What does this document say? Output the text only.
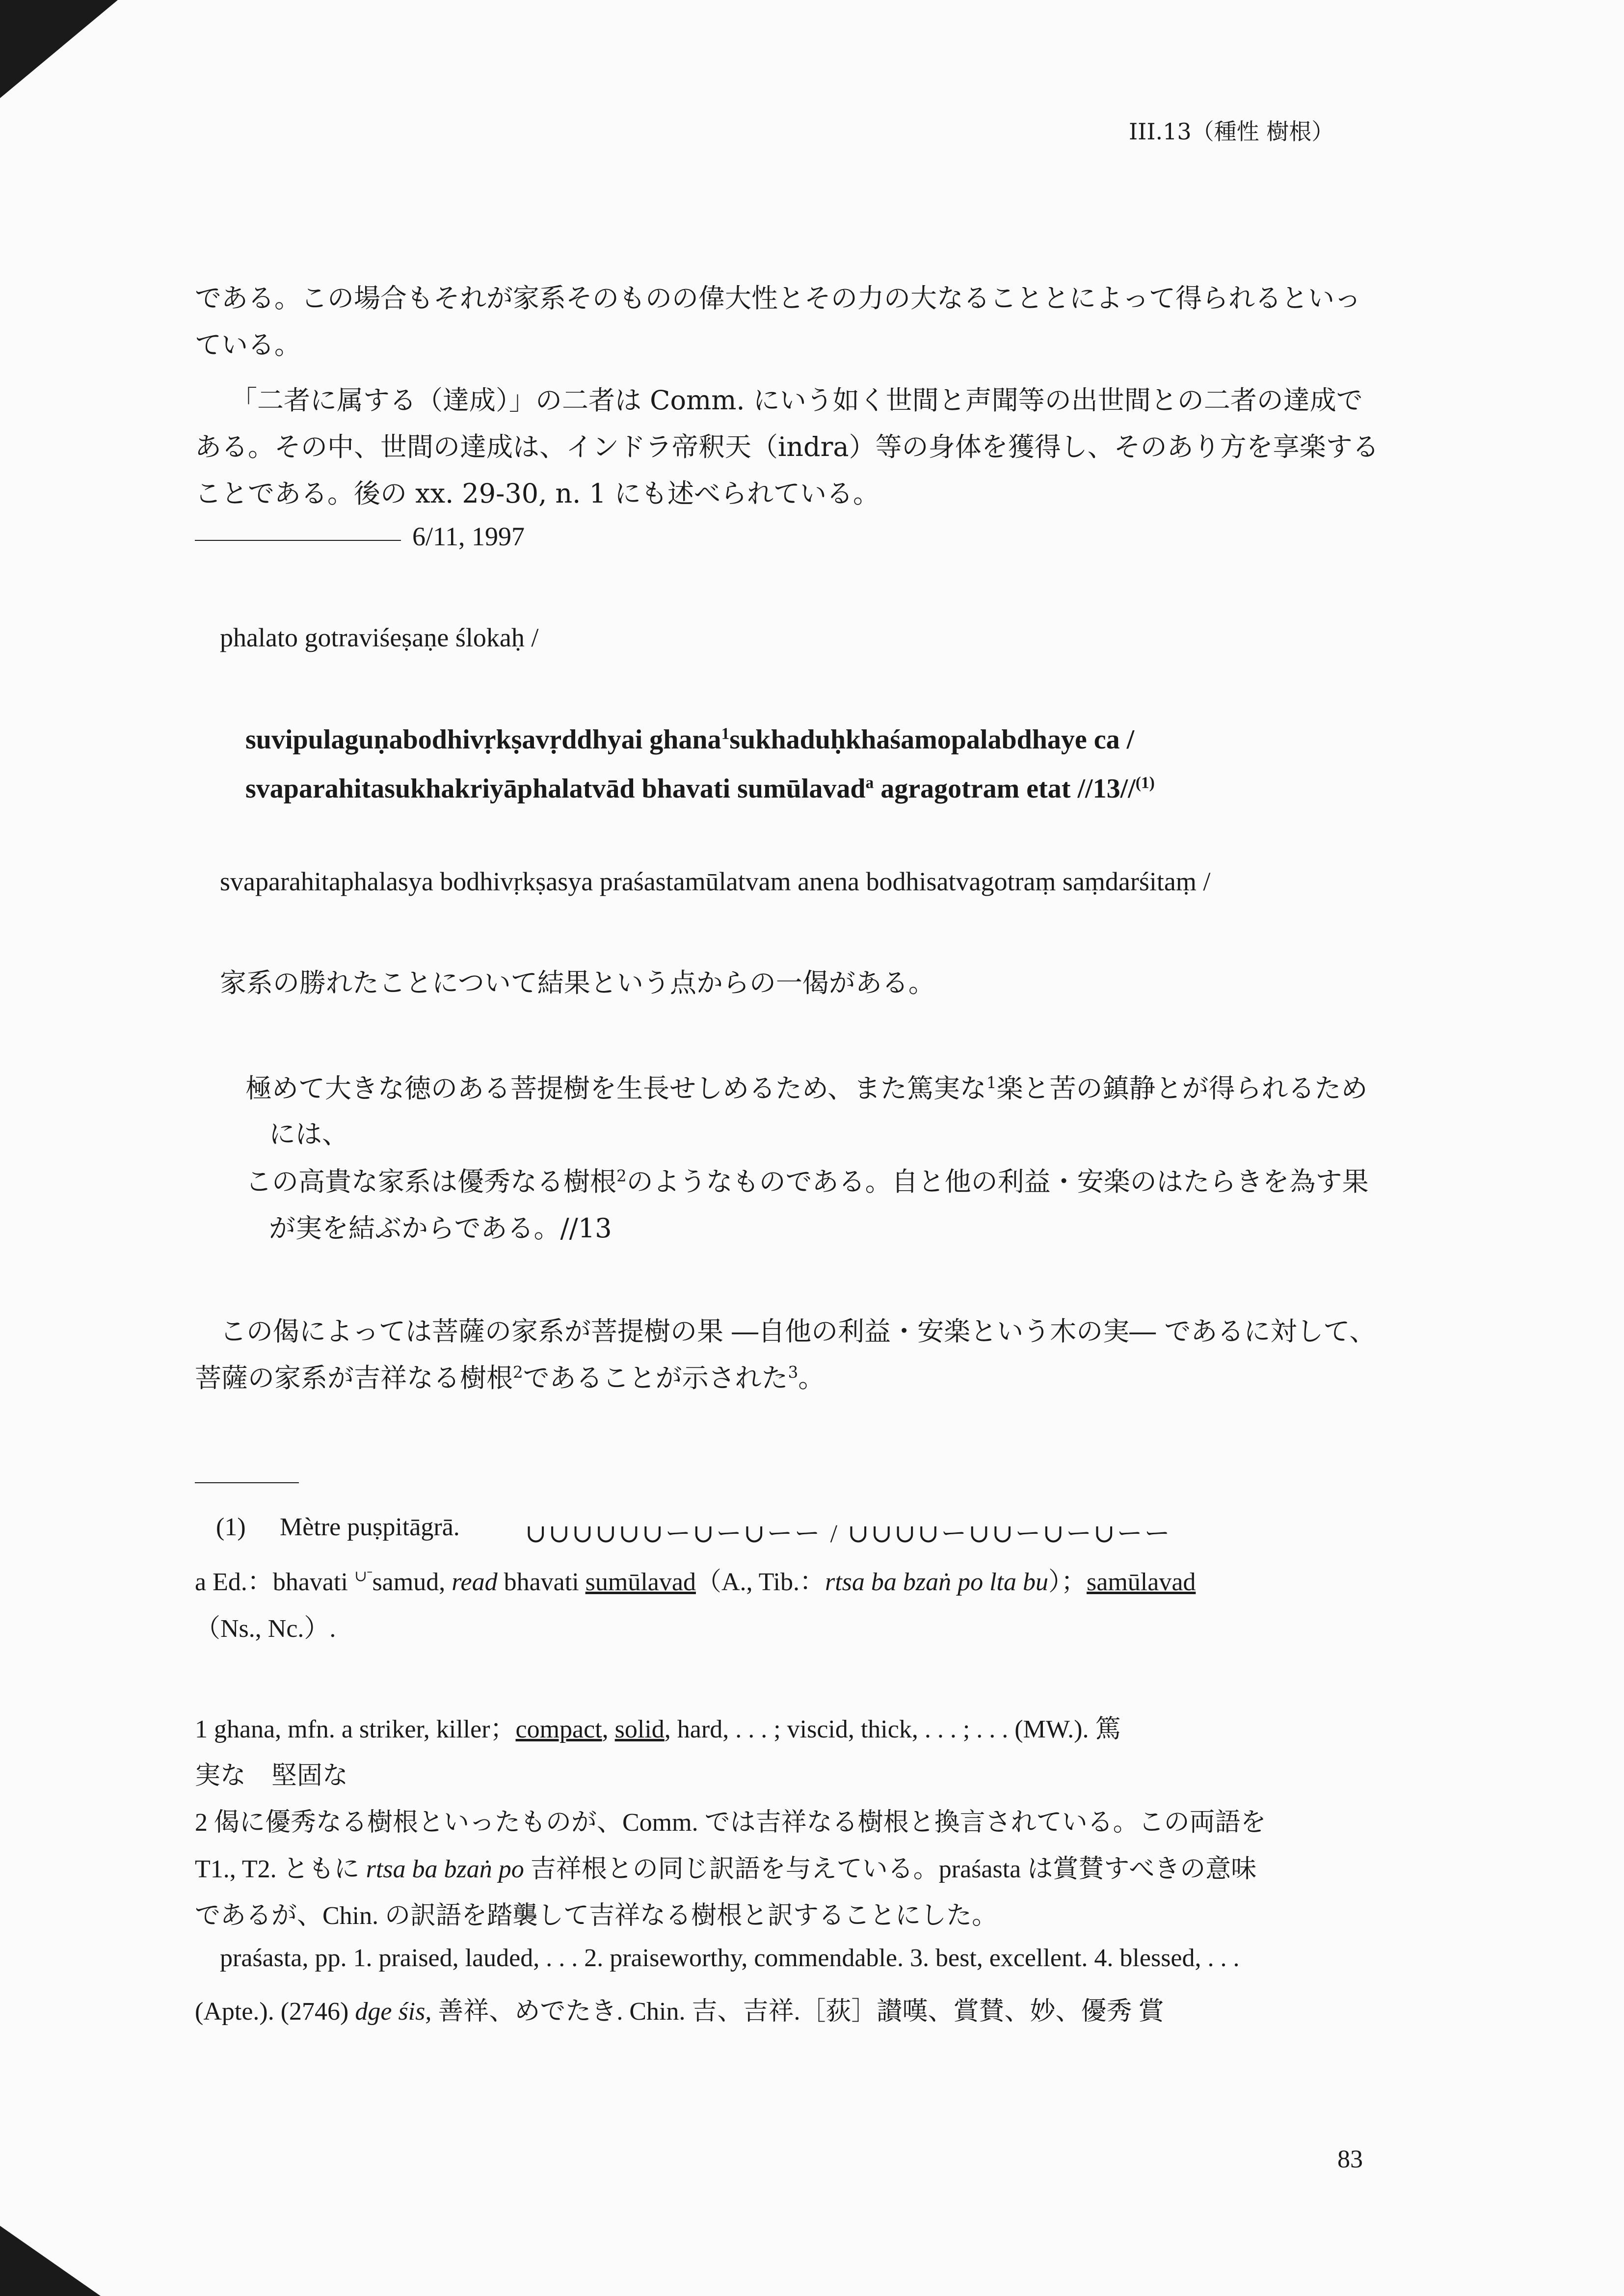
III.13（種性 樹根）
である。この場合もそれが家系そのものの偉大性とその力の大なることとによって得られるといっ
ている。
「二者に属する（達成）」の二者は Comm. にいう如く世間と声聞等の出世間との二者の達成で
ある。その中、世間の達成は、インドラ帝釈天（indra）等の身体を獲得し、そのあり方を享楽する
ことである。後の xx. 29-30, n. 1 にも述べられている。
6/11, 1997
phalato gotraviśeṣaṇe ślokaḥ /
suvipulaguṇabodhivṛkṣavṛddhyai ghana$^1$sukhaduḥkhaśamopalabdhaye ca /
svaparahitasukhakriyāphalatvād bhavati sumūlavad$^a$ agragotram etat //13//$^{(1)}$
svaparahitaphalasya bodhivṛkṣasya praśastamūlatvam anena bodhisatvagotraṃ saṃdarśitaṃ /
家系の勝れたことについて結果という点からの一偈がある。
極めて大きな徳のある菩提樹を生長せしめるため、また篤実な$^1$楽と苦の鎮静とが得られるため
には、
この高貴な家系は優秀なる樹根$^2$のようなものである。自と他の利益・安楽のはたらきを為す果
が実を結ぶからである。//13
この偈によっては菩薩の家系が菩提樹の果 ―自他の利益・安楽という木の実― であるに対して、
菩薩の家系が吉祥なる樹根$^2$であることが示された$^3$。
(1) Mètre puṣpitāgrā.	∪∪∪∪∪∪ー∪ー∪ーー / ∪∪∪∪ー∪∪ー∪ー∪ーー
a Ed.：bhavati $^{\cup ˉ}$samud, read bhavati sumūlavad（A., Tib.：rtsa ba bzaṅ po lta bu）；samūlavad
（Ns., Nc.）.
1 ghana, mfn. a striker, killer；compact, solid, hard, . . . ; viscid, thick, . . . ; . . . (MW.). 篤
実な　堅固な
2 偈に優秀なる樹根といったものが、Comm. では吉祥なる樹根と換言されている。この両語を
T1., T2. ともに rtsa ba bzaṅ po 吉祥根との同じ訳語を与えている。praśasta は賞賛すべきの意味
であるが、Chin. の訳語を踏襲して吉祥なる樹根と訳することにした。
praśasta, pp. 1. praised, lauded, . . . 2. praiseworthy, commendable. 3. best, excellent. 4. blessed, . . .
(Apte.). (2746) dge śis, 善祥、めでたき. Chin. 吉、吉祥.［荻］讃嘆、賞賛、妙、優秀 賞
83
